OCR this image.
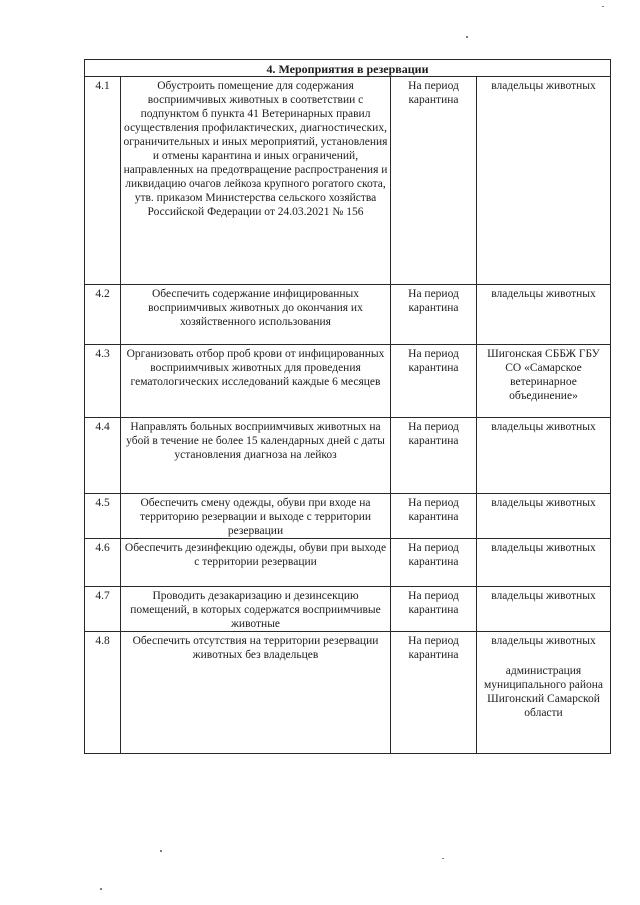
4. Мероприятия в резервации			
4.1	Обустроить помещение для содержания восприимчивых животных в соответствии с подпунктом б пункта 41 Ветеринарных правил осуществления профилактических, диагностических, ограничительных и иных мероприятий, установления и отмены карантина и иных ограничений, направленных на предотвращение распространения и ликвидацию очагов лейкоза крупного рогатого скота, утв. приказом Министерства сельского хозяйства Российской Федерации от 24.03.2021 № 156	На период карантина	владельцы животных
4.2	Обеспечить содержание инфицированных восприимчивых животных до окончания их хозяйственного использования	На период карантина	владельцы животных
4.3	Организовать отбор проб крови от инфицированных восприимчивых животных для проведения гематологических исследований каждые 6 месяцев	На период карантина	Шигонская СББЖ ГБУ СО «Самарское ветеринарное объединение»
4.4	Направлять больных восприимчивых животных на убой в течение не более 15 календарных дней с даты установления диагноза на лейкоз	На период карантина	владельцы животных
4.5	Обеспечить смену одежды, обуви при входе на территорию резервации и выходе с территории резервации	На период карантина	владельцы животных
4.6	Обеспечить дезинфекцию одежды, обуви при выходе с территории резервации	На период карантина	владельцы животных
4.7	Проводить дезакаризацию и дезинсекцию помещений, в которых содержатся восприимчивые животные	На период карантина	владельцы животных
4.8	Обеспечить отсутствия на территории резервации животных без владельцев	На период карантина	владельцы животных
администрация муниципального района Шигонский Самарской области
